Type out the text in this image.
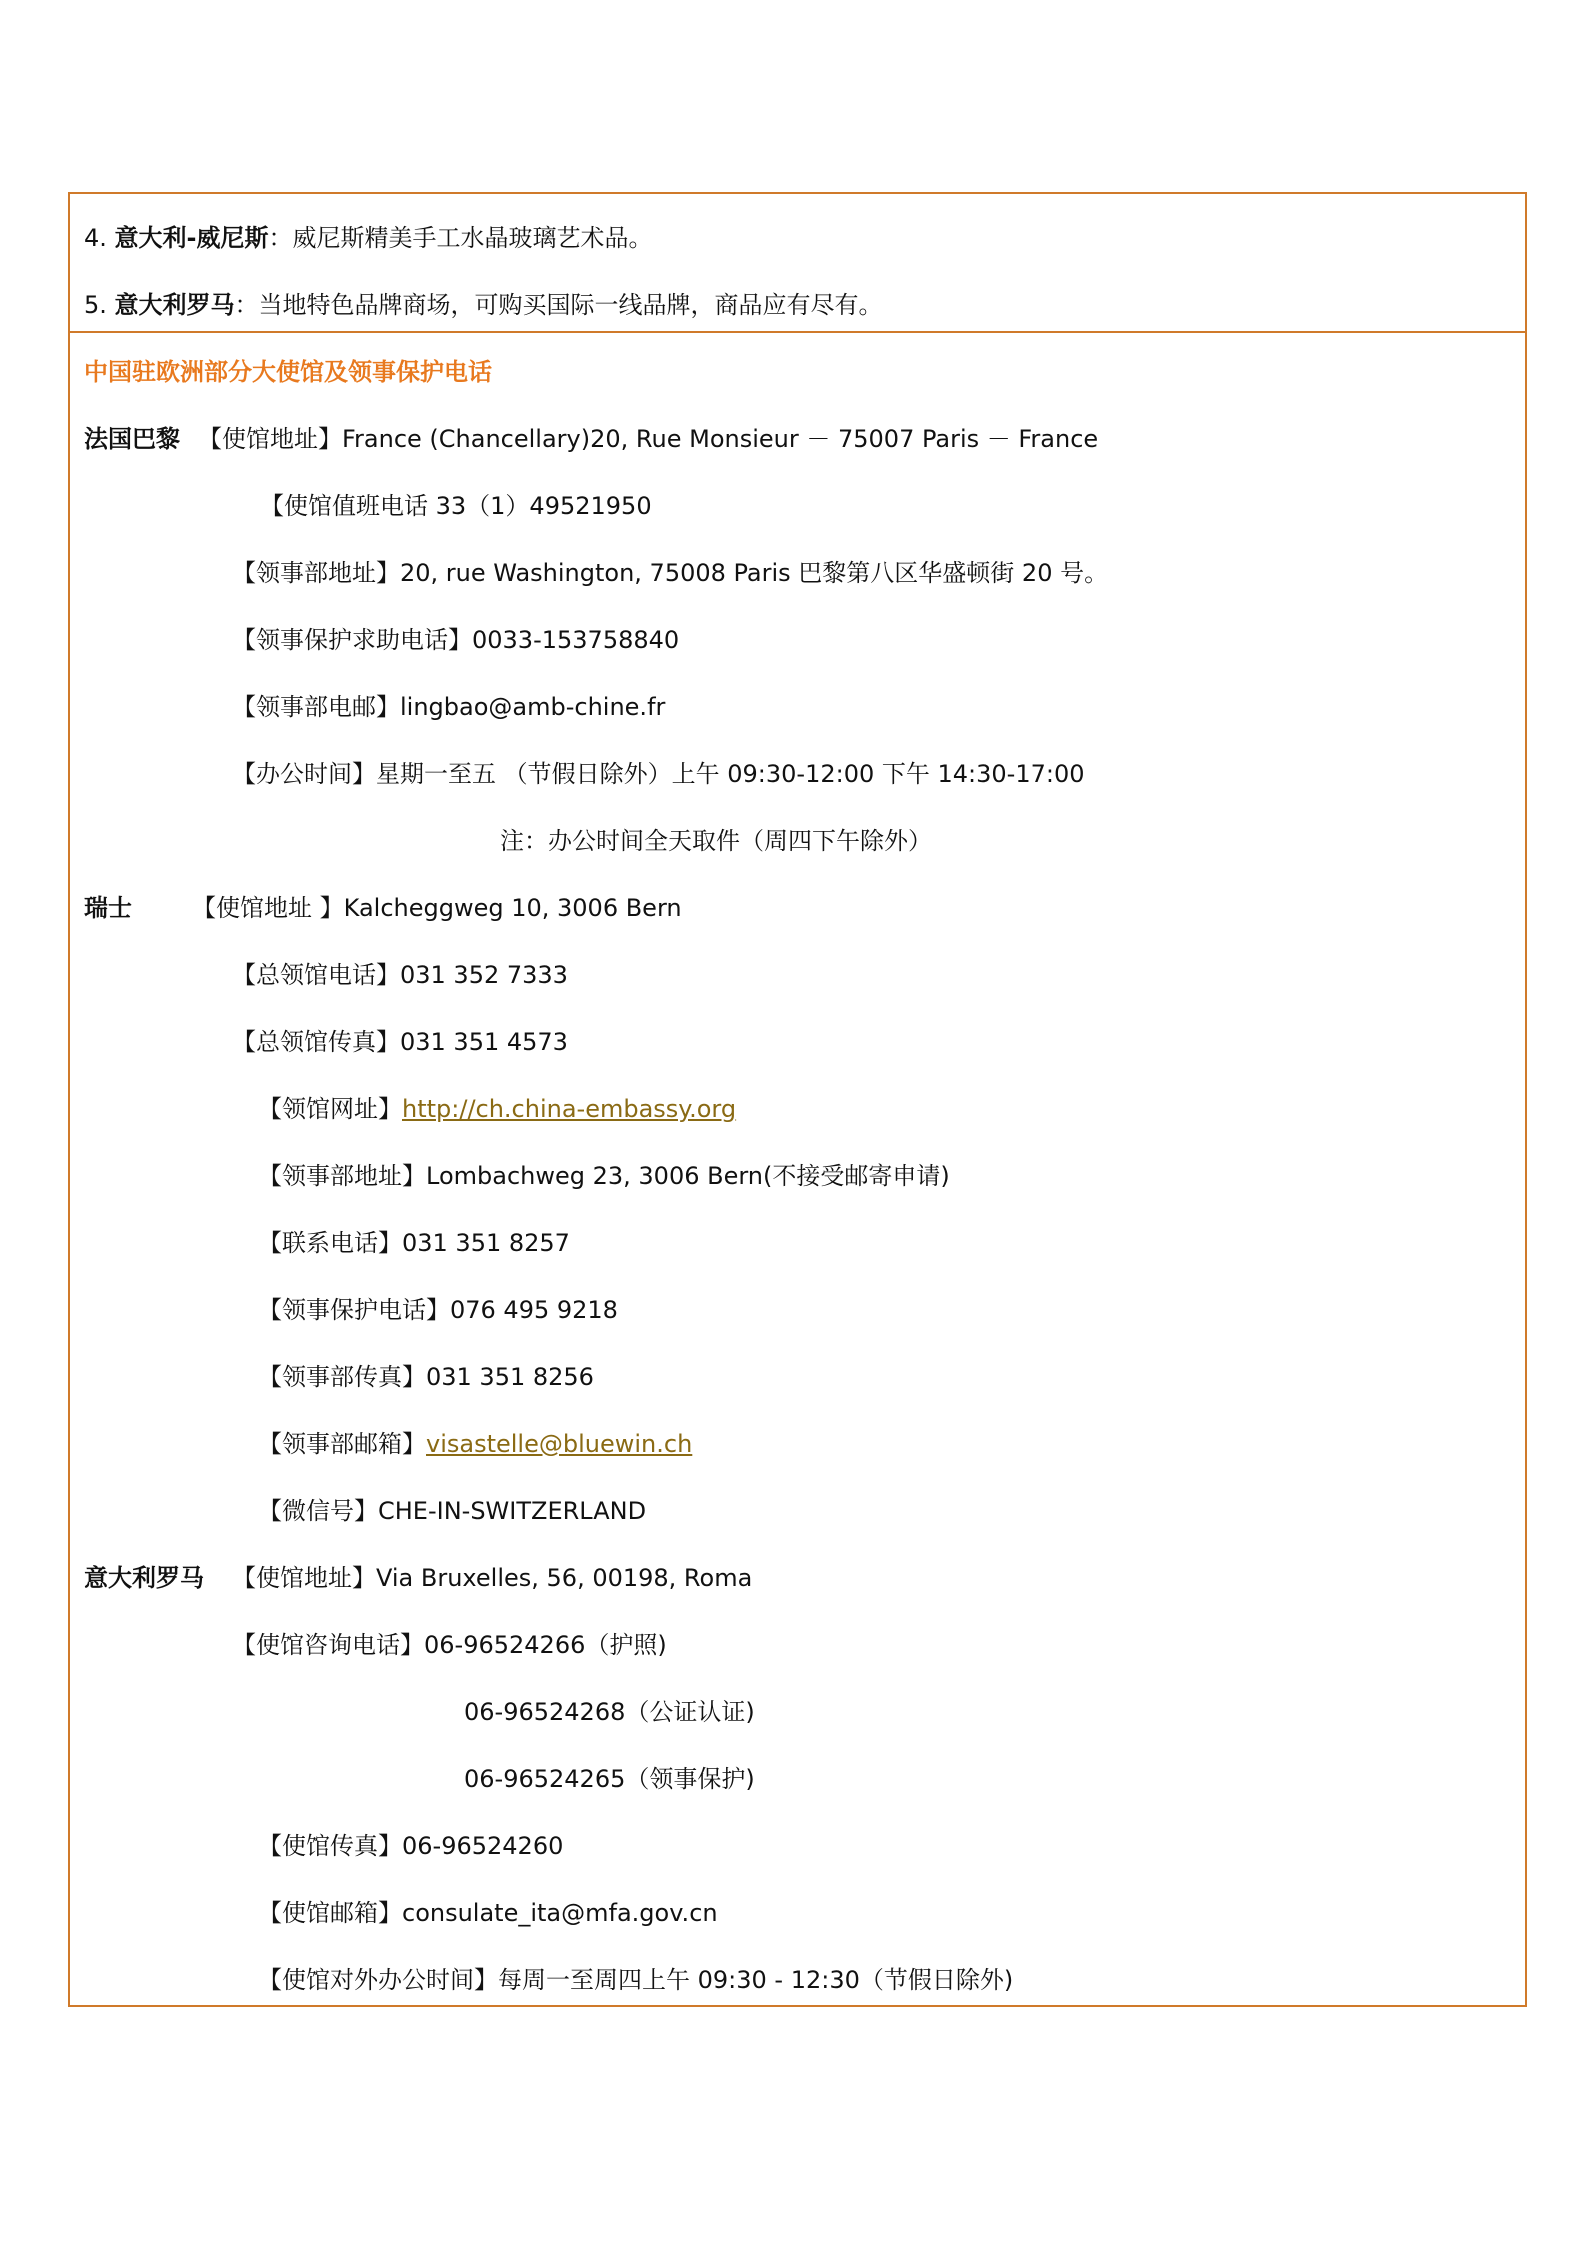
4. 意大利-威尼斯：威尼斯精美手工水晶玻璃艺术品。
5. 意大利罗马：当地特色品牌商场，可购买国际一线品牌，商品应有尽有。
中国驻欧洲部分大使馆及领事保护电话
法国巴黎 【使馆地址】France (Chancellary)20, Rue Monsieur － 75007 Paris － France
【使馆值班电话 33（1）49521950
【领事部地址】20, rue Washington, 75008 Paris 巴黎第八区华盛顿街 20 号。
【领事保护求助电话】0033-153758840
【领事部电邮】lingbao@amb-chine.fr
【办公时间】星期一至五 （节假日除外）上午 09:30-12:00 下午 14:30-17:00
注：办公时间全天取件（周四下午除外）
瑞士	【使馆地址 】Kalcheggweg 10, 3006 Bern
【总领馆电话】031 352 7333
【总领馆传真】031 351 4573
【领馆网址】http://ch.china-embassy.org
【领事部地址】Lombachweg 23, 3006 Bern(不接受邮寄申请)
【联系电话】031 351 8257
【领事保护电话】076 495 9218
【领事部传真】031 351 8256
【领事部邮箱】visastelle@bluewin.ch
【微信号】CHE-IN-SWITZERLAND
意大利罗马 【使馆地址】Via Bruxelles, 56, 00198, Roma
【使馆咨询电话】06-96524266（护照)
06-96524268（公证认证)
06-96524265（领事保护)
【使馆传真】06-96524260
【使馆邮箱】consulate_ita@mfa.gov.cn
【使馆对外办公时间】每周一至周四上午 09:30 - 12:30（节假日除外)
